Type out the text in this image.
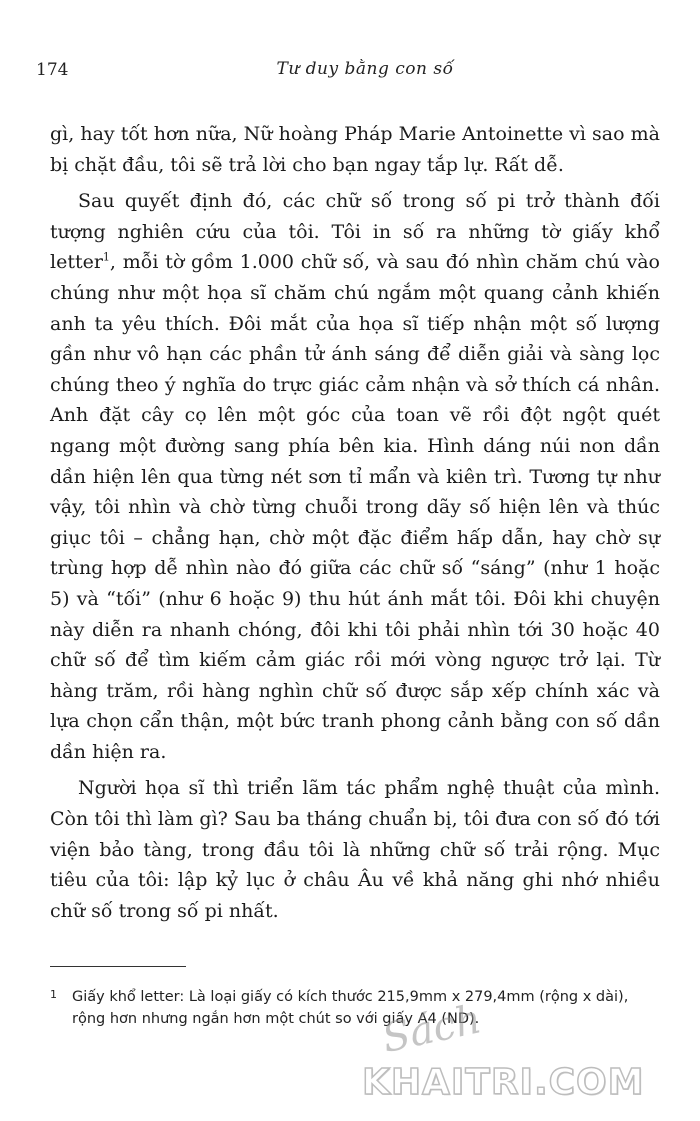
174	Tư duy bằng con số

gì, hay tốt hơn nữa, Nữ hoàng Pháp Marie Antoinette vì sao mà bị chặt đầu, tôi sẽ trả lời cho bạn ngay tắp lự. Rất dễ.

Sau quyết định đó, các chữ số trong số pi trở thành đối tượng nghiên cứu của tôi. Tôi in số ra những tờ giấy khổ letter$^1$, mỗi tờ gồm 1.000 chữ số, và sau đó nhìn chăm chú vào chúng như một họa sĩ chăm chú ngắm một quang cảnh khiến anh ta yêu thích. Đôi mắt của họa sĩ tiếp nhận một số lượng gần như vô hạn các phần tử ánh sáng để diễn giải và sàng lọc chúng theo ý nghĩa do trực giác cảm nhận và sở thích cá nhân. Anh đặt cây cọ lên một góc của toan vẽ rồi đột ngột quét ngang một đường sang phía bên kia. Hình dáng núi non dần dần hiện lên qua từng nét sơn tỉ mẩn và kiên trì. Tương tự như vậy, tôi nhìn và chờ từng chuỗi trong dãy số hiện lên và thúc giục tôi – chẳng hạn, chờ một đặc điểm hấp dẫn, hay chờ sự trùng hợp dễ nhìn nào đó giữa các chữ số “sáng” (như 1 hoặc 5) và “tối” (như 6 hoặc 9) thu hút ánh mắt tôi. Đôi khi chuyện này diễn ra nhanh chóng, đôi khi tôi phải nhìn tới 30 hoặc 40 chữ số để tìm kiếm cảm giác rồi mới vòng ngược trở lại. Từ hàng trăm, rồi hàng nghìn chữ số được sắp xếp chính xác và lựa chọn cẩn thận, một bức tranh phong cảnh bằng con số dần dần hiện ra.

Người họa sĩ thì triển lãm tác phẩm nghệ thuật của mình. Còn tôi thì làm gì? Sau ba tháng chuẩn bị, tôi đưa con số đó tới viện bảo tàng, trong đầu tôi là những chữ số trải rộng. Mục tiêu của tôi: lập kỷ lục ở châu Âu về khả năng ghi nhớ nhiều chữ số trong số pi nhất.

1 Giấy khổ letter: Là loại giấy có kích thước 215,9mm x 279,4mm (rộng x dài), rộng hơn nhưng ngắn hơn một chút so với giấy A4 (ND).
Sách
KHAITRI.COM
